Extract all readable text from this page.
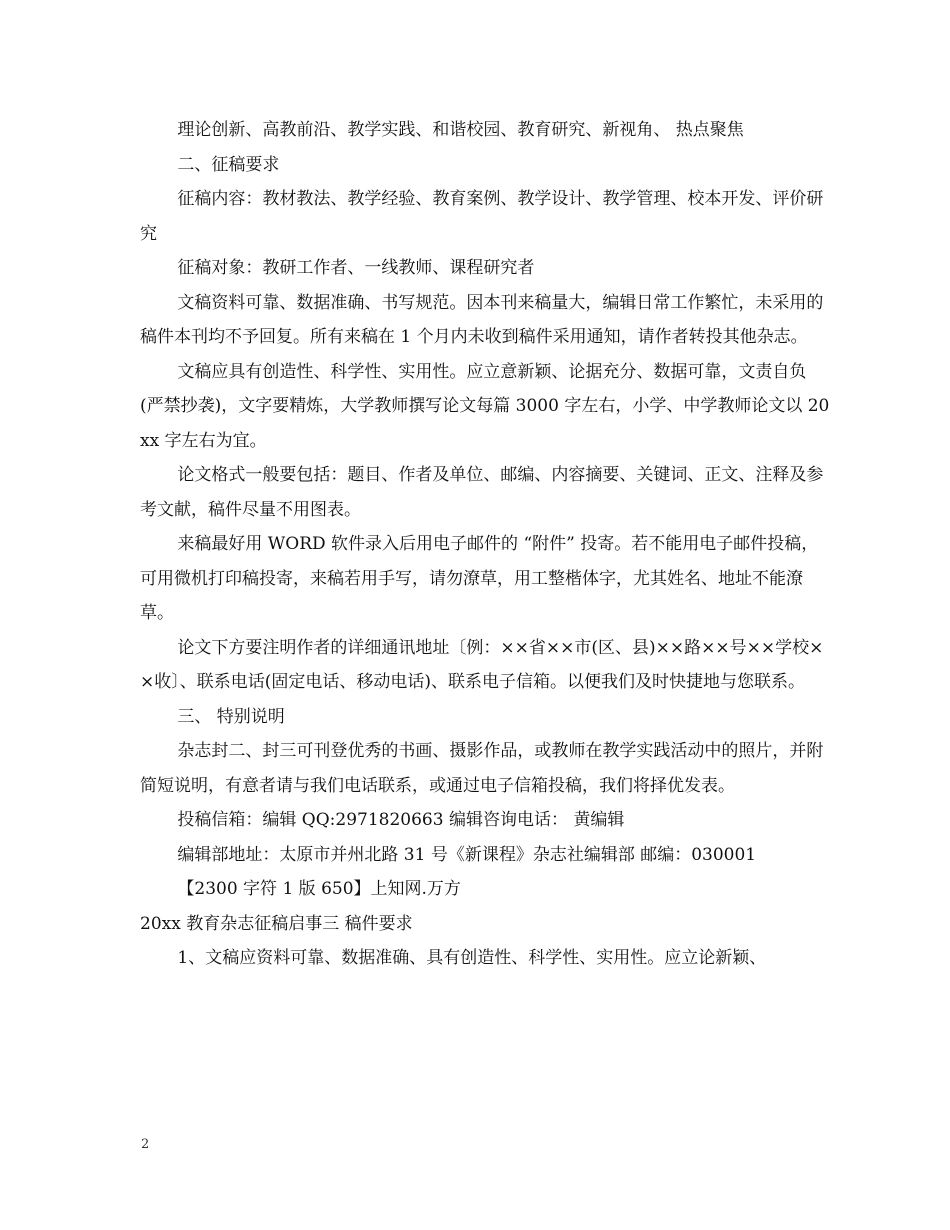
理论创新、高教前沿、教学实践、和谐校园、教育研究、新视角、 热点聚焦

二、征稿要求

征稿内容：教材教法、教学经验、教育案例、教学设计、教学管理、校本开发、评价研究

征稿对象：教研工作者、一线教师、课程研究者

文稿资料可靠、数据准确、书写规范。因本刊来稿量大，编辑日常工作繁忙，未采用的稿件本刊均不予回复。所有来稿在 1 个月内未收到稿件采用通知，请作者转投其他杂志。

文稿应具有创造性、科学性、实用性。应立意新颖、论据充分、数据可靠，文责自负(严禁抄袭)，文字要精炼，大学教师撰写论文每篇 3000 字左右，小学、中学教师论文以 20xx 字左右为宜。

论文格式一般要包括：题目、作者及单位、邮编、内容摘要、关键词、正文、注释及参考文献，稿件尽量不用图表。

来稿最好用 WORD 软件录入后用电子邮件的 “附件” 投寄。若不能用电子邮件投稿，可用微机打印稿投寄，来稿若用手写，请勿潦草，用工整楷体字，尤其姓名、地址不能潦草。

论文下方要注明作者的详细通讯地址〔例：××省××市(区、县)××路××号××学校××收〕、联系电话(固定电话、移动电话)、联系电子信箱。以便我们及时快捷地与您联系。

三、 特别说明

杂志封二、封三可刊登优秀的书画、摄影作品，或教师在教学实践活动中的照片，并附简短说明，有意者请与我们电话联系，或通过电子信箱投稿，我们将择优发表。

投稿信箱：编辑 QQ:2971820663 编辑咨询电话： 黄编辑

编辑部地址：太原市并州北路 31 号《新课程》杂志社编辑部 邮编：030001

【2300 字符 1 版 650】上知网.万方

20xx 教育杂志征稿启事三 稿件要求

1、文稿应资料可靠、数据准确、具有创造性、科学性、实用性。应立论新颖、

2
